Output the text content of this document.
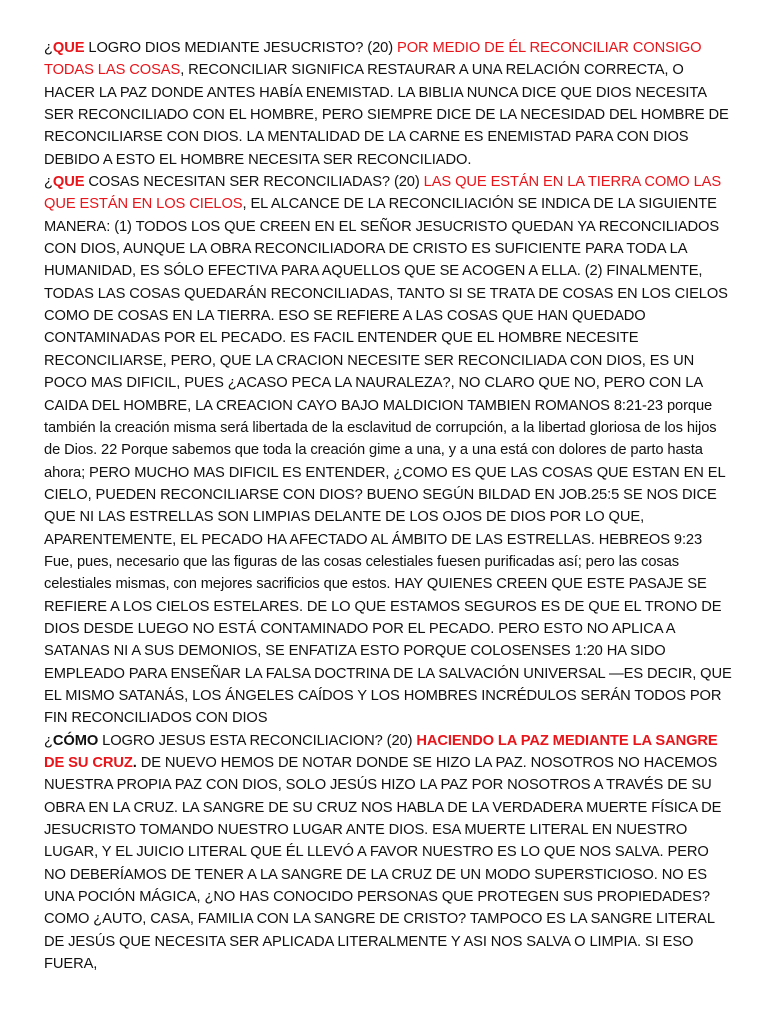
¿QUE LOGRO DIOS MEDIANTE JESUCRISTO? (20) POR MEDIO DE ÉL RECONCILIAR CONSIGO TODAS LAS COSAS, RECONCILIAR SIGNIFICA RESTAURAR A UNA RELACIÓN CORRECTA, O HACER LA PAZ DONDE ANTES HABÍA ENEMISTAD. LA BIBLIA NUNCA DICE QUE DIOS NECESITA SER RECONCILIADO CON EL HOMBRE, PERO SIEMPRE DICE DE LA NECESIDAD DEL HOMBRE DE RECONCILIARSE CON DIOS. LA MENTALIDAD DE LA CARNE ES ENEMISTAD PARA CON DIOS DEBIDO A ESTO EL HOMBRE NECESITA SER RECONCILIADO.

¿QUE COSAS NECESITAN SER RECONCILIADAS? (20) LAS QUE ESTÁN EN LA TIERRA COMO LAS QUE ESTÁN EN LOS CIELOS, EL ALCANCE DE LA RECONCILIACIÓN SE INDICA DE LA SIGUIENTE MANERA: (1) TODOS LOS QUE CREEN EN EL SEÑOR JESUCRISTO QUEDAN YA RECONCILIADOS CON DIOS, AUNQUE LA OBRA RECONCILIADORA DE CRISTO ES SUFICIENTE PARA TODA LA HUMANIDAD, ES SÓLO EFECTIVA PARA AQUELLOS QUE SE ACOGEN A ELLA. (2) FINALMENTE, TODAS LAS COSAS QUEDARÁN RECONCILIADAS, TANTO SI SE TRATA DE COSAS EN LOS CIELOS COMO DE COSAS EN LA TIERRA. ESO SE REFIERE A LAS COSAS QUE HAN QUEDADO CONTAMINADAS POR EL PECADO. ES FACIL ENTENDER QUE EL HOMBRE NECESITE RECONCILIARSE, PERO, QUE LA CRACION NECESITE SER RECONCILIADA CON DIOS, ES UN POCO MAS DIFICIL, PUES ¿ACASO PECA LA NAURALEZA?, NO CLARO QUE NO, PERO CON LA CAIDA DEL HOMBRE, LA CREACION CAYO BAJO MALDICION TAMBIEN ROMANOS 8:21-23 porque también la creación misma será libertada de la esclavitud de corrupción, a la libertad gloriosa de los hijos de Dios. 22 Porque sabemos que toda la creación gime a una, y a una está con dolores de parto hasta ahora; PERO MUCHO MAS DIFICIL ES ENTENDER, ¿COMO ES QUE LAS COSAS QUE ESTAN EN EL CIELO, PUEDEN RECONCILIARSE CON DIOS? BUENO SEGÚN BILDAD EN JOB.25:5 SE NOS DICE QUE NI LAS ESTRELLAS SON LIMPIAS DELANTE DE LOS OJOS DE DIOS POR LO QUE, APARENTEMENTE, EL PECADO HA AFECTADO AL ÁMBITO DE LAS ESTRELLAS. HEBREOS 9:23 Fue, pues, necesario que las figuras de las cosas celestiales fuesen purificadas así; pero las cosas celestiales mismas, con mejores sacrificios que estos. HAY QUIENES CREEN QUE ESTE PASAJE SE REFIERE A LOS CIELOS ESTELARES. DE LO QUE ESTAMOS SEGUROS ES DE QUE EL TRONO DE DIOS DESDE LUEGO NO ESTÁ CONTAMINADO POR EL PECADO. PERO ESTO NO APLICA A SATANAS NI A SUS DEMONIOS, SE ENFATIZA ESTO PORQUE COLOSENSES 1:20 HA SIDO EMPLEADO PARA ENSEÑAR LA FALSA DOCTRINA DE LA SALVACIÓN UNIVERSAL —ES DECIR, QUE EL MISMO SATANÁS, LOS ÁNGELES CAÍDOS Y LOS HOMBRES INCRÉDULOS SERÁN TODOS POR FIN RECONCILIADOS CON DIOS

¿CÓMO LOGRO JESUS ESTA RECONCILIACION? (20) HACIENDO LA PAZ MEDIANTE LA SANGRE DE SU CRUZ. DE NUEVO HEMOS DE NOTAR DONDE SE HIZO LA PAZ. NOSOTROS NO HACEMOS NUESTRA PROPIA PAZ CON DIOS, SOLO JESÚS HIZO LA PAZ POR NOSOTROS A TRAVÉS DE SU OBRA EN LA CRUZ. LA SANGRE DE SU CRUZ NOS HABLA DE LA VERDADERA MUERTE FÍSICA DE JESUCRISTO TOMANDO NUESTRO LUGAR ANTE DIOS. ESA MUERTE LITERAL EN NUESTRO LUGAR, Y EL JUICIO LITERAL QUE ÉL LLEVÓ A FAVOR NUESTRO ES LO QUE NOS SALVA. PERO NO DEBERÍAMOS DE TENER A LA SANGRE DE LA CRUZ DE UN MODO SUPERSTICIOSO. NO ES UNA POCIÓN MÁGICA, ¿NO HAS CONOCIDO PERSONAS QUE PROTEGEN SUS PROPIEDADES? COMO ¿AUTO, CASA, FAMILIA CON LA SANGRE DE CRISTO? TAMPOCO ES LA SANGRE LITERAL DE JESÚS QUE NECESITA SER APLICADA LITERALMENTE Y ASI NOS SALVA O LIMPIA. SI ESO FUERA,
